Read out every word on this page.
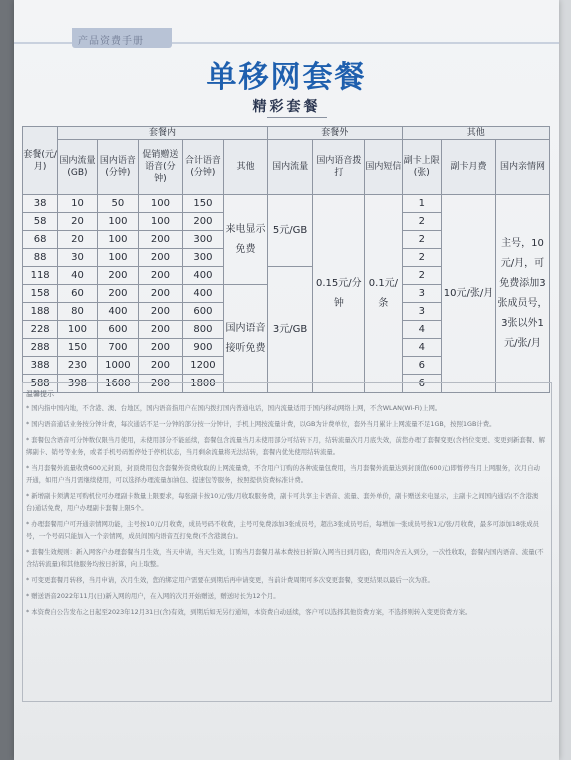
产品资费手册
单移网套餐
精彩套餐
套餐(元/月)	套餐内					套餐外			其他		
	国内流量(GB)	国内语音(分钟)	促销赠送语音(分钟)	合计语音(分钟)	其他	国内流量	国内语音拨打	国内短信	副卡上限(张)	副卡月费	国内亲情网
38	10	50	100	150	来电显示免费	5元/GB	0.15元/分钟	0.1元/条	1	10元/张/月	主号，10元/月，可免费添加3张成员号，3张以外1元/张/月
58	20	100	100	200					2		
68	20	100	200	300					2		
88	30	100	200	300					2		
118	40	200	200	400		3元/GB			2		
158	60	200	200	400	国内语音接听免费				3		
188	80	400	200	600					3		
228	100	600	200	800					4		
288	150	700	200	900					4		
388	230	1000	200	1200					6		
588	398	1600	200	1800					6		
温馨提示

* 国内指中国内地，不含港、澳、台地区，国内语音指用户在国内拨打国内普通电话，国内流量适用于国内移动网络上网，不含WLAN(Wi-Fi)上网。

* 国内语音通话业务按分钟计费，每次通话不足一分钟的部分按一分钟计，手机上网按流量计费，以GB为计费单位，套外当月累计上网流量不足1GB，按照1GB计费。

* 套餐包含语音可分钟数仅限当月使用，未使用部分不能延续，套餐包含流量当月未使用部分可结转下月，结转流量次月月底失效，前您办理了套餐变更(含档位变更、变更到新套餐、解绑副卡、销号等业务，或者手机号码暂停处于停机状态，当月剩余流量将无法结转，套餐内优先使用结转流量。

* 当月套餐外流量收费600元封顶，封顶费用包含套餐外资费收取的上网流量费，不含用户订购的各种流量包费用，当月套餐外流量达到封顶值(600元)即暂停当月上网服务，次月自动开通，如用户当月需继续使用，可以选择办理流量加油包、提速包等服务，按照提供资费标准计费。

* 新增副卡须满足可购机位可办理副卡数量上限要求，每张副卡按10元/张/月收取服务费，副卡可共享主卡语音、流量、套外单价，副卡赠送来电显示，主副卡之间国内通话(不含港澳台)通话免费，用户办理副卡套餐上限5个。

* 办理套餐用户可开通亲情网功能，主号按10元/月收费，成员号码不收费，主号可免费添加3张成员号，超出3张成员号后，每增加一张成员号按1元/张/月收费，最多可添加18张成员号，一个号码只能加入一个亲情网，成员间国内语音互打免费(不含港澳台)。

* 套餐生效规则：新入网客户办理套餐当月生效，当天申请，当天生效，订购当月套餐月基本费按日折算(入网当日到月底)，费用四舍五入到分，一次性收取，套餐内国内语音、流量(不含结转流量)和其他服务均按日折算，向上取整。

* 可变更套餐月转移，当月申请，次月生效，您的绑定用户需要在到期后再申请变更，当前计费周期可多次变更套餐，变更结果以最后一次为准。

* 赠送语音2022年11月(日)新入网的用户，在入网的次月开始赠送，赠送时长为12个月。

* 本资费自公告发布之日起至2023年12月31日(含)有效，到期后如无另行通知，本资费自动延续，客户可以选择其他资费方案，不选择则转入变更资费方案。
